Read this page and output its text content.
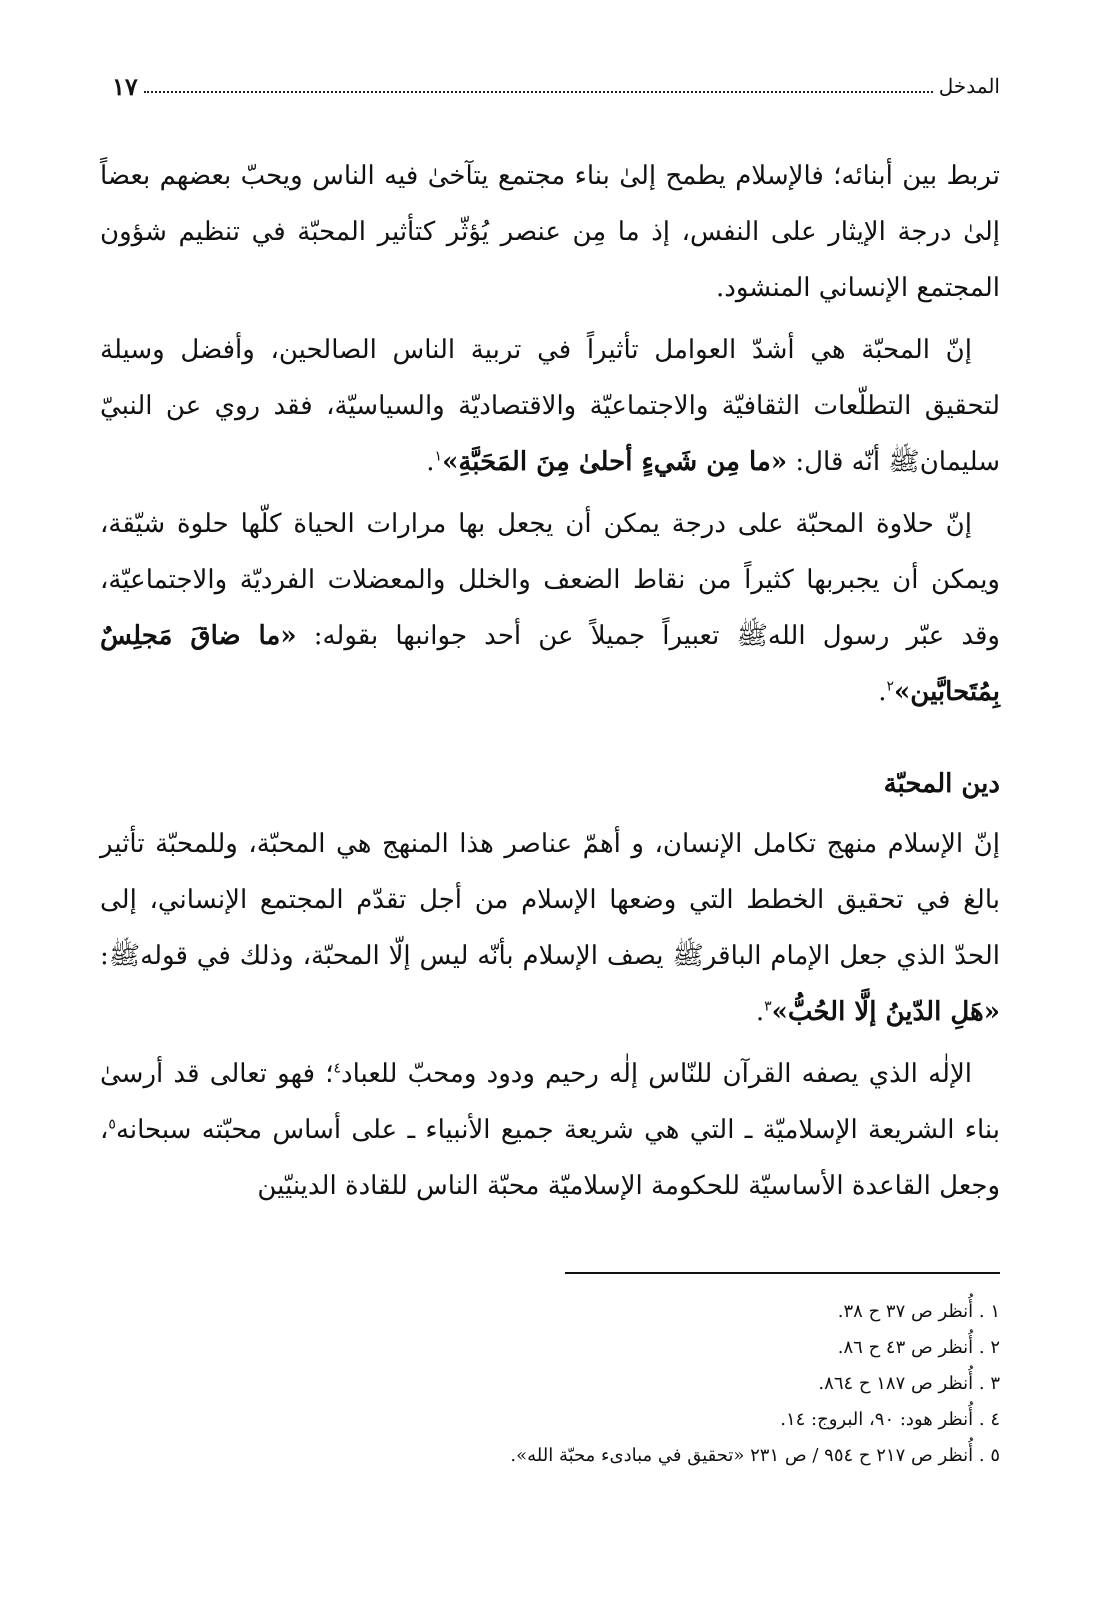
المدخل
١٧

تربط بين أبنائه؛ فالإسلام يطمح إلىٰ بناء مجتمع يتآخىٰ فيه الناس ويحبّ بعضهم بعضاً إلىٰ درجة الإيثار على النفس، إذ ما مِن عنصر يُؤثّر كتأثير المحبّة في تنظيم شؤون المجتمع الإنساني المنشود.

إنّ المحبّة هي أشدّ العوامل تأثيراً في تربية الناس الصالحين، وأفضل وسيلة لتحقيق التطلّعات الثقافيّة والاجتماعيّة والاقتصاديّة والسياسيّة، فقد روي عن النبيّ سليمان‌ﷺ أنّه قال: «ما مِن شَيءٍ أحلىٰ مِنَ المَحَبَّةِ»$^١$.

إنّ حلاوة المحبّة على درجة يمكن أن يجعل بها مرارات الحياة كلّها حلوة شيّقة، ويمكن أن يجبربها كثيراً من نقاط الضعف والخلل والمعضلات الفرديّة والاجتماعيّة، وقد عبّر رسول اللهﷺ تعبيراً جميلاً عن أحد جوانبها بقوله: «ما ضاقَ مَجلِسٌ بِمُتَحابَّين»$^٢$.

دين المحبّة

إنّ الإسلام منهج تكامل الإنسان، و أهمّ عناصر هذا المنهج هي المحبّة، وللمحبّة تأثير بالغ في تحقيق الخطط التي وضعها الإسلام من أجل تقدّم المجتمع الإنساني، إلى الحدّ الذي جعل الإمام الباقرﷺ يصف الإسلام بأنّه ليس إلّا المحبّة، وذلك في قولهﷺ: «هَلِ الدّينُ إلَّا الحُبُّ»$^٣$.

الإلٰه الذي يصفه القرآن للنّاس إلٰه رحيم ودود ومحبّ للعباد$^٤$؛ فهو تعالى قد أرسىٰ بناء الشريعة الإسلاميّة ـ التي هي شريعة جميع الأنبياء ـ على أساس محبّته سبحانه$^٥$، وجعل القاعدة الأساسيّة للحكومة الإسلاميّة محبّة الناس للقادة الدينيّين

١ . أُنظر ص ٣٧ ح ٣٨.
٢ . أُنظر ص ٤٣ ح ٨٦.
٣ . أُنظر ص ١٨٧ ح ٨٦٤.
٤ . أُنظر هود: ٩٠، البروج: ١٤.
٥ . أُنظر ص ٢١٧ ح ٩٥٤ / ص ٢٣١ «تحقيق في مبادىء محبّة الله».
